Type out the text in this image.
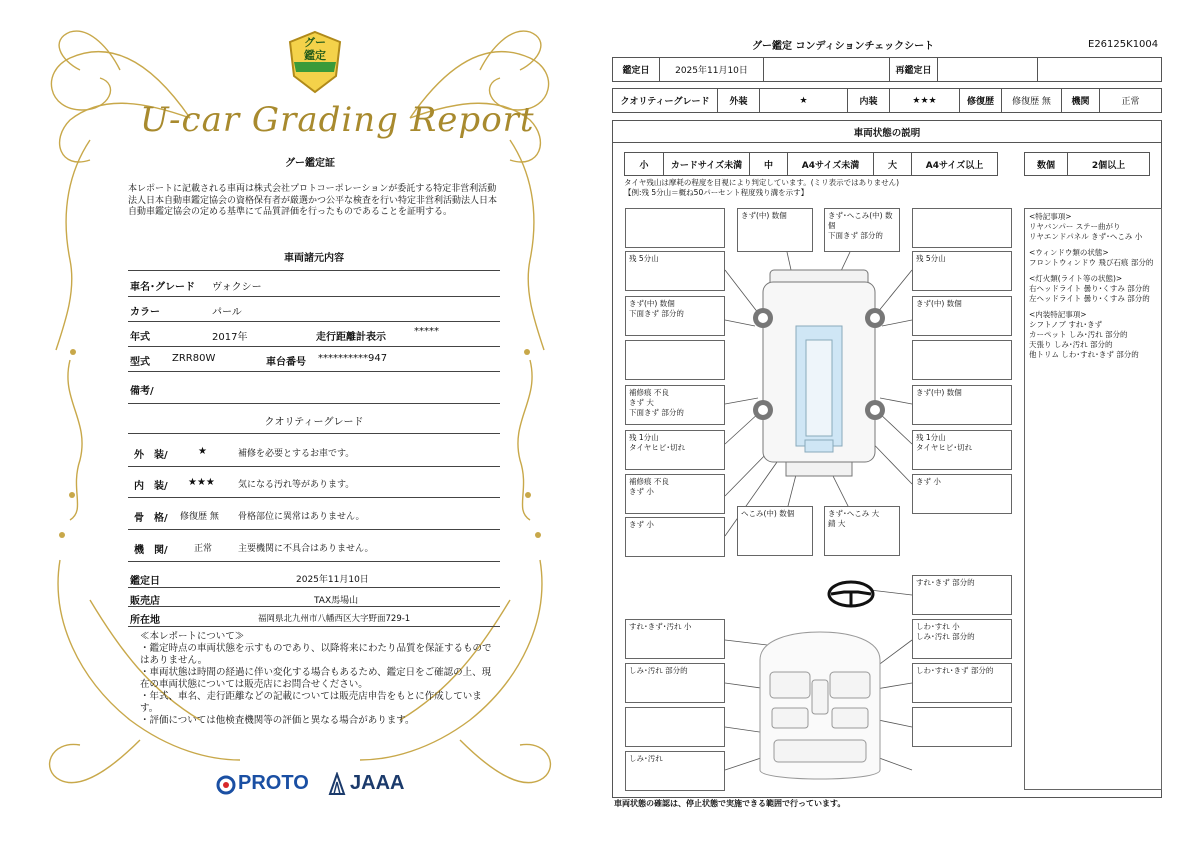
グー
鑑定
U-car Grading Report
グー鑑定証
本レポートに記載される車両は株式会社プロトコーポレーションが委託する特定非営利活動法人日本自動車鑑定協会の資格保有者が厳選かつ公平な検査を行い特定非営利活動法人日本自動車鑑定協会の定める基準にて品質評価を行ったものであることを証明する。
車両諸元内容
車名･グレード ヴォクシー
カラー	パール
年式	2017年	走行距離計表示
*****
型式 ZRR80W	車台番号 **********947
備考/
クオリティーグレード
外　装/	★	補修を必要とするお車です。
内　装/ ★★★	気になる汚れ等があります。
骨　格/ 修復歴 無 骨格部位に異常はありません。
機　関/	正常	主要機関に不具合はありません。
鑑定日	2025年11月10日
販売店	TAX馬場山
所在地	福岡県北九州市八幡西区大字野面729-1
≪本レポートについて≫
・鑑定時点の車両状態を示すものであり、以降将来にわたり品質を保証するものではありません。
・車両状態は時間の経過に伴い変化する場合もあるため、鑑定日をご確認の上、現在の車両状態については販売店にお問合せください。
・年式、車名、走行距離などの記載については販売店申告をもとに作成しています。
・評価については他検査機関等の評価と異なる場合があります。
PROTO JAAA
グー鑑定 コンディションチェックシート	E26125K1004
鑑定日	2025年11月10日	再鑑定日
クオリティーグレード	外装	★	内装	★★★	修復歴	修復歴 無	機関	正常
車両状態の説明
小	カードサイズ未満	中	A4サイズ未満	大	A4サイズ以上	数個	2個以上
タイヤ残山は摩耗の程度を目視により判定しています。(ミリ表示ではありません)
【例:残 5分山＝概ね50パーセント程度残り溝を示す】
きず(中) 数個	きず･へこみ(中) 数個
下面きず 部分的
残 5分山	残 5分山
きず(中) 数個
下面きず 部分的
きず(中) 数個
補修痕 不良
きず 大
下面きず 部分的
きず(中) 数個
残 1分山
タイヤヒビ･切れ
残 1分山
タイヤヒビ･切れ
補修痕 不良
きず 小
きず 小
きず 小
へこみ(中) 数個	きず･へこみ 大
錆 大
すれ･きず 部分的
すれ･きず･汚れ 小	しわ･すれ 小
しみ･汚れ 部分的
しみ･汚れ 部分的	しわ･すれ･きず 部分的
しみ･汚れ
<特記事項>
リヤバンパー ステー曲がり
リヤエンドパネル きず･へこみ 小
<ウィンドウ類の状態>
フロントウィンドウ 飛び石痕 部分的
<灯火類(ライト等の状態)>
右ヘッドライト 曇り･くすみ 部分的
左ヘッドライト 曇り･くすみ 部分的
<内装特記事項>
シフトノブ すれ･きず
カーペット しみ･汚れ 部分的
天張り しみ･汚れ 部分的
他トリム しわ･すれ･きず 部分的
車両状態の確認は、停止状態で実施できる範囲で行っています。
